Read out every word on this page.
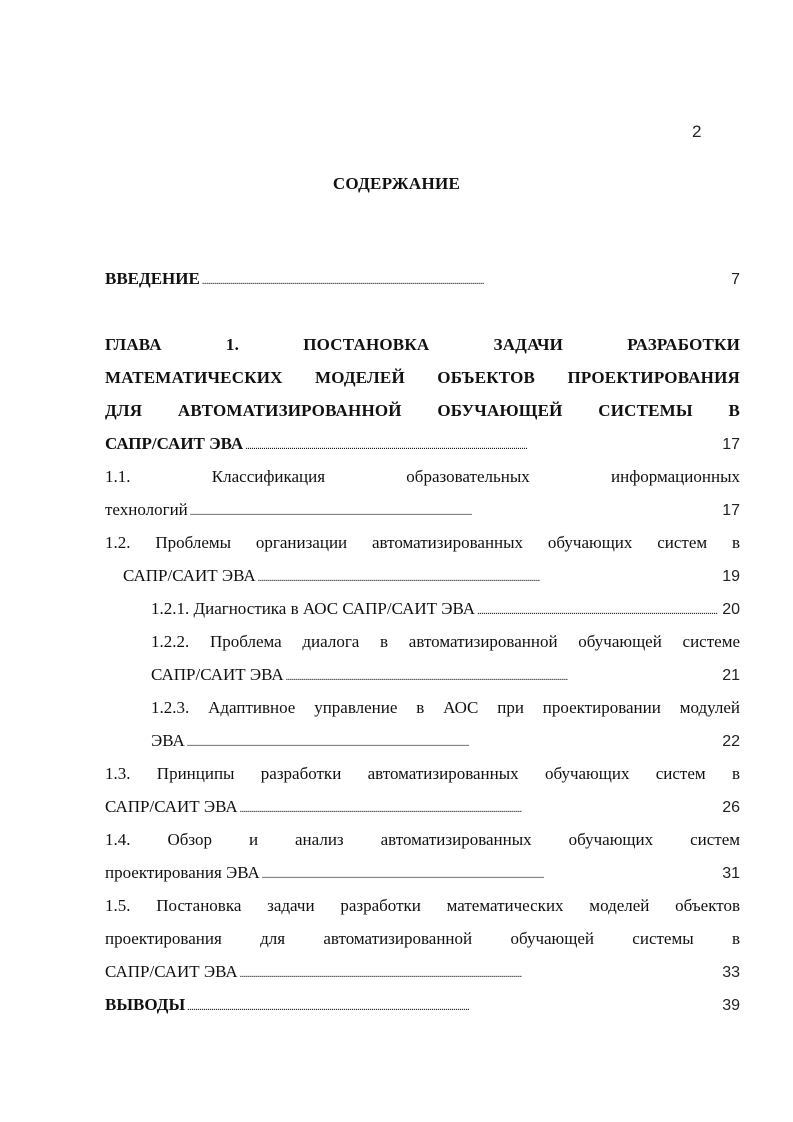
2
СОДЕРЖАНИЕ
ВВЕДЕНИЕ . . .	7
ГЛАВА 1. ПОСТАНОВКА ЗАДАЧИ РАЗРАБОТКИ
МАТЕМАТИЧЕСКИХ МОДЕЛЕЙ ОБЪЕКТОВ ПРОЕКТИРОВАНИЯ
ДЛЯ АВТОМАТИЗИРОВАННОЙ ОБУЧАЮЩЕЙ СИСТЕМЫ В
САПР/САИТ ЭВА . . .	17
1.1. Классификация образовательных информационных
технологий . . .	17
1.2. Проблемы организации автоматизированных обучающих систем в
САПР/САИТ ЭВА . . .	19
1.2.1. Диагностика в АОС САПР/САИТ ЭВА . . .	20
1.2.2. Проблема диалога в автоматизированной обучающей системе
САПР/САИТ ЭВА . . .	21
1.2.3. Адаптивное управление в АОС при проектировании модулей
ЭВА . . .	22
1.3. Принципы разработки автоматизированных обучающих систем в
САПР/САИТ ЭВА . . .	26
1.4. Обзор и анализ автоматизированных обучающих систем
проектирования ЭВА . . .	31
1.5. Постановка задачи разработки математических моделей объектов
проектирования для автоматизированной обучающей системы в
САПР/САИТ ЭВА . . .	33
ВЫВОДЫ . . .	39
